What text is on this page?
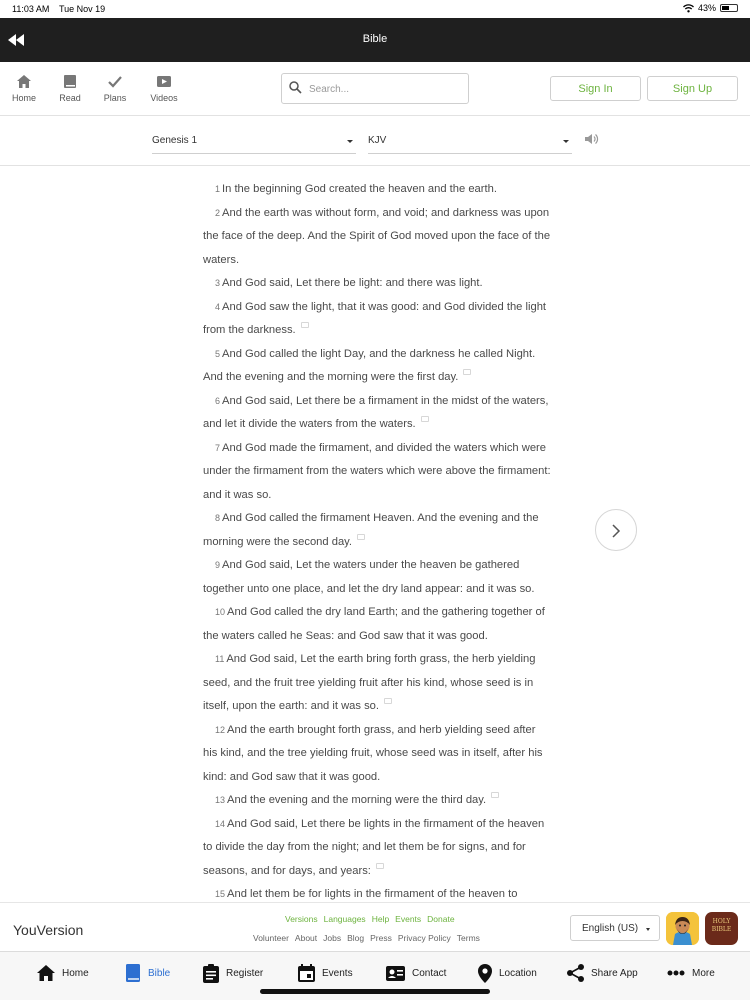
11:03 AM Tue Nov 19	43%
Bible
Home	Read	Plans	Videos
Search...
Sign In	Sign Up
Genesis 1	KJV
1 In the beginning God created the heaven and the earth.
2 And the earth was without form, and void; and darkness was upon the face of the deep. And the Spirit of God moved upon the face of the waters.
3 And God said, Let there be light: and there was light.
4 And God saw the light, that it was good: and God divided the light from the darkness.
5 And God called the light Day, and the darkness he called Night. And the evening and the morning were the first day.
6 And God said, Let there be a firmament in the midst of the waters, and let it divide the waters from the waters.
7 And God made the firmament, and divided the waters which were under the firmament from the waters which were above the firmament: and it was so.
8 And God called the firmament Heaven. And the evening and the morning were the second day.
9 And God said, Let the waters under the heaven be gathered together unto one place, and let the dry land appear: and it was so.
10 And God called the dry land Earth; and the gathering together of the waters called he Seas: and God saw that it was good.
11 And God said, Let the earth bring forth grass, the herb yielding seed, and the fruit tree yielding fruit after his kind, whose seed is in itself, upon the earth: and it was so.
12 And the earth brought forth grass, and herb yielding seed after his kind, and the tree yielding fruit, whose seed was in itself, after his kind: and God saw that it was good.
13 And the evening and the morning were the third day.
14 And God said, Let there be lights in the firmament of the heaven to divide the day from the night; and let them be for signs, and for seasons, and for days, and years:
15 And let them be for lights in the firmament of the heaven to
YouVersion
Versions Languages Help Events Donate
Volunteer About Jobs Blog Press Privacy Policy Terms
English (US)
HOLY
BIBLE
Home	Bible	Register	Events	Contact	Location	Share App	More
